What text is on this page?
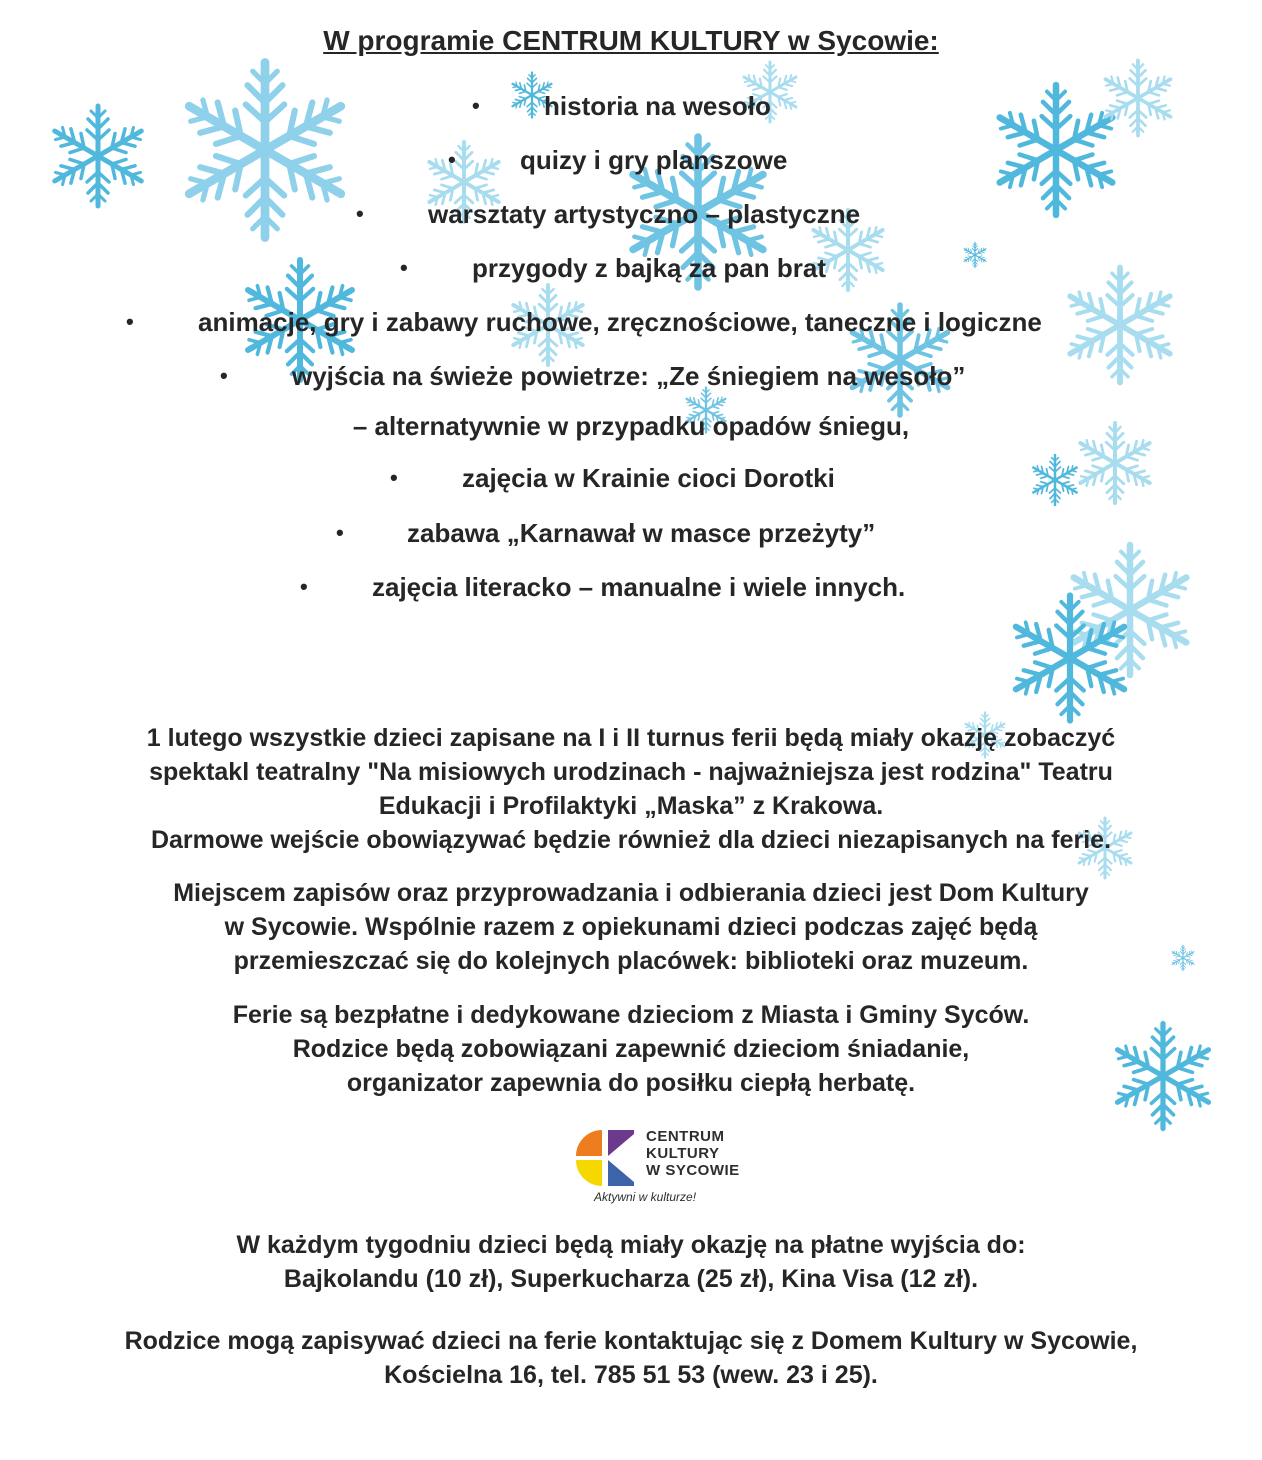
W programie CENTRUM KULTURY w Sycowie:
• historia na wesoło
• quizy i gry planszowe
• warsztaty artystyczno – plastyczne
• przygody z bajką za pan brat
• animacje, gry i zabawy ruchowe, zręcznościowe, taneczne i logiczne
• wyjścia na świeże powietrze: „Ze śniegiem na wesoło”
– alternatywnie w przypadku opadów śniegu,
• zajęcia w Krainie cioci Dorotki
• zabawa „Karnawał w masce przeżyty”
• zajęcia literacko – manualne i wiele innych.
1 lutego wszystkie dzieci zapisane na I i II turnus ferii będą miały okazję zobaczyć
spektakl teatralny "Na misiowych urodzinach - najważniejsza jest rodzina" Teatru
Edukacji i Profilaktyki „Maska” z Krakowa.
Darmowe wejście obowiązywać będzie również dla dzieci niezapisanych na ferie.
Miejscem zapisów oraz przyprowadzania i odbierania dzieci jest Dom Kultury
w Sycowie. Wspólnie razem z opiekunami dzieci podczas zajęć będą
przemieszczać się do kolejnych placówek: biblioteki oraz muzeum.
Ferie są bezpłatne i dedykowane dzieciom z Miasta i Gminy Syców.
Rodzice będą zobowiązani zapewnić dzieciom śniadanie,
organizator zapewnia do posiłku ciepłą herbatę.
CENTRUM
KULTURY
W SYCOWIE
Aktywni w kulturze!
W każdym tygodniu dzieci będą miały okazję na płatne wyjścia do:
Bajkolandu (10 zł), Superkucharza (25 zł), Kina Visa (12 zł).
Rodzice mogą zapisywać dzieci na ferie kontaktując się z Domem Kultury w Sycowie,
Kościelna 16, tel. 785 51 53 (wew. 23 i 25).
